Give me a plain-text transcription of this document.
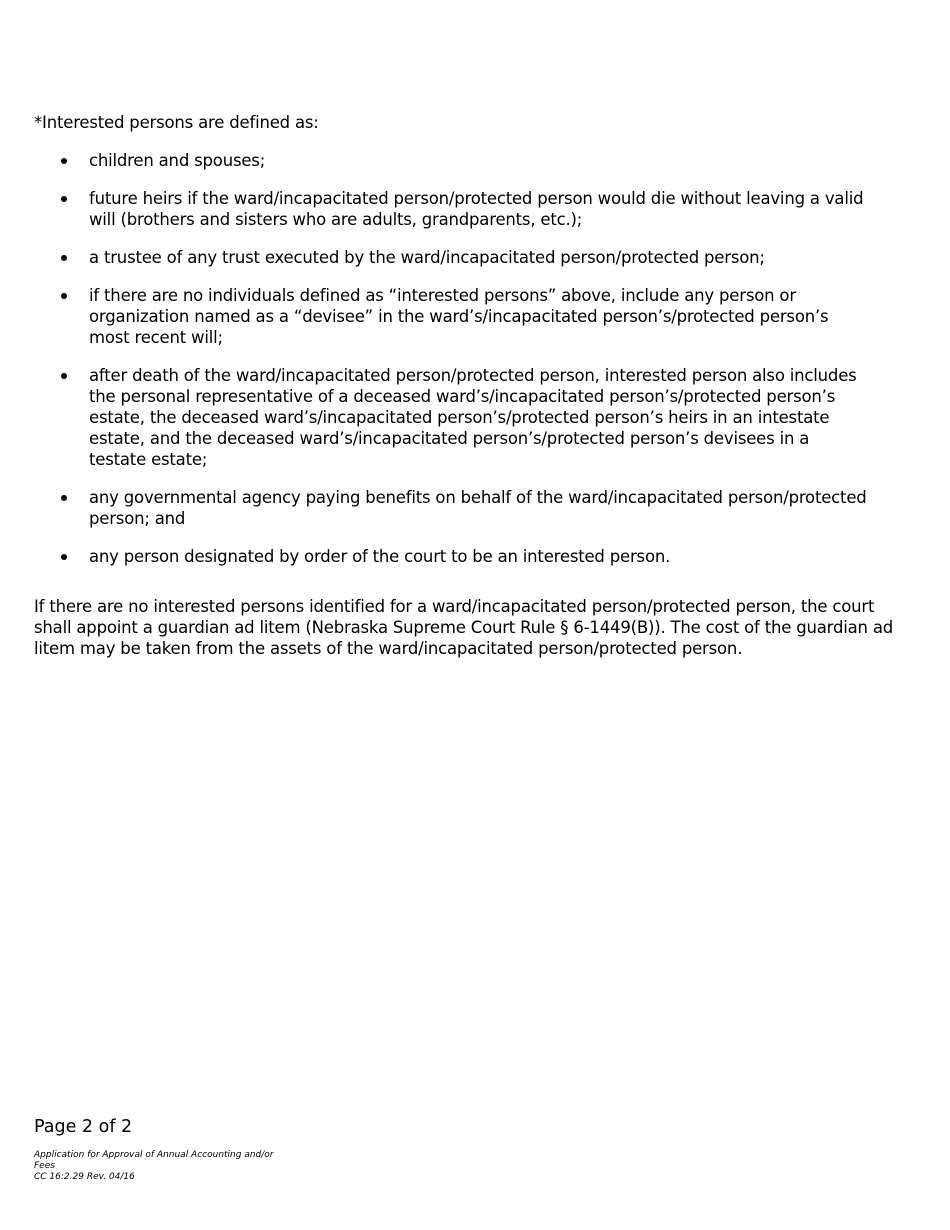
*Interested persons are defined as:

children and spouses;
future heirs if the ward/incapacitated person/protected person would die without leaving a valid will (brothers and sisters who are adults, grandparents, etc.);
a trustee of any trust executed by the ward/incapacitated person/protected person;
if there are no individuals defined as “interested persons” above, include any person or organization named as a “devisee” in the ward’s/incapacitated person’s/protected person’s most recent will;
after death of the ward/incapacitated person/protected person, interested person also includes the personal representative of a deceased ward’s/incapacitated person’s/protected person’s estate, the deceased ward’s/incapacitated person’s/protected person’s heirs in an intestate estate, and the deceased ward’s/incapacitated person’s/protected person’s devisees in a testate estate;
any governmental agency paying benefits on behalf of the ward/incapacitated person/protected person; and
any person designated by order of the court to be an interested person.

If there are no interested persons identified for a ward/incapacitated person/protected person, the court shall appoint a guardian ad litem (Nebraska Supreme Court Rule § 6-1449(B)). The cost of the guardian ad litem may be taken from the assets of the ward/incapacitated person/protected person.

Page 2 of 2

Application for Approval of Annual Accounting and/or Fees

CC 16:2.29 Rev. 04/16
